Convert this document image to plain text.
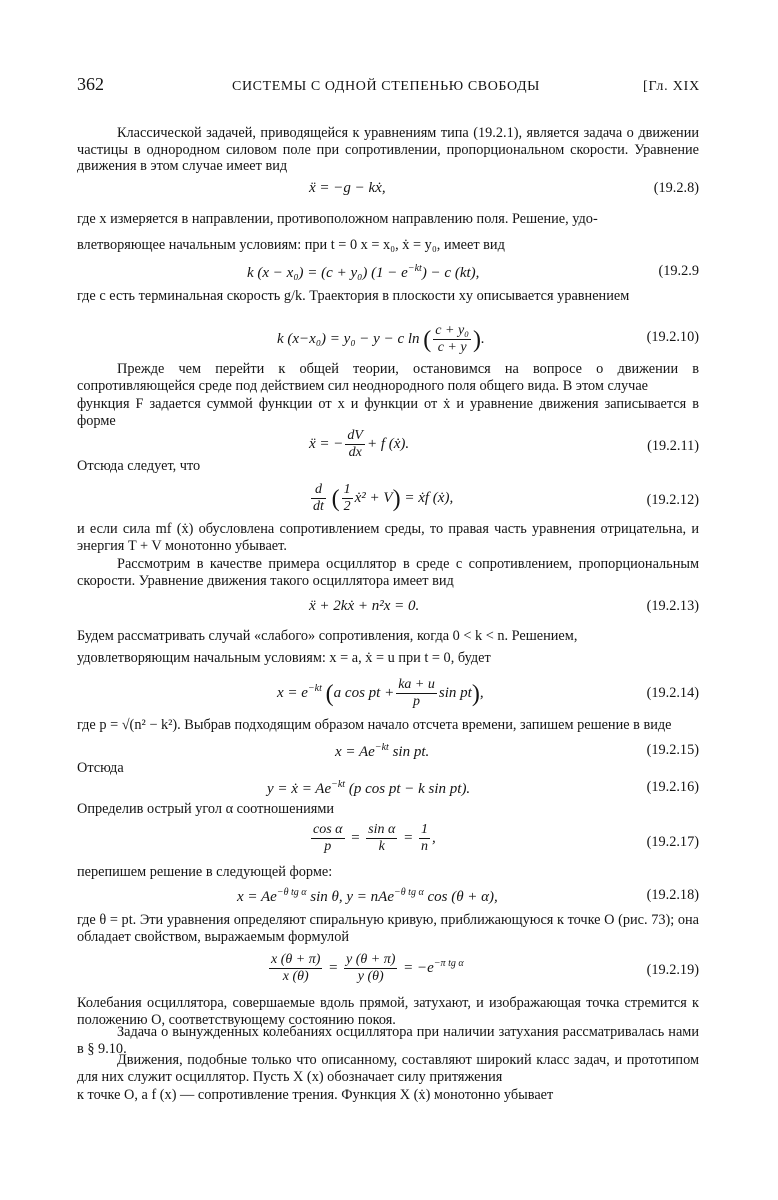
362	СИСТЕМЫ С ОДНОЙ СТЕПЕНЬЮ СВОБОДЫ	[Гл. XIX
Классической задачей, приводящейся к уравнениям типа (19.2.1), является задача о движении частицы в однородном силовом поле при сопротивлении, пропорциональном скорости. Уравнение движения в этом случае имеет вид
ẍ = −g − kẋ,	(19.2.8)
где x измеряется в направлении, противоположном направлению поля. Решение, удо-
влетворяющее начальным условиям: при t = 0 x = x₀, ẋ = y₀, имеет вид
k (x − x₀) = (c + y₀) $(1 - e^{-kt}) - c$ (kt),	(19.2.9
где c есть терминальная скорость g/k. Траектория в плоскости xy описывается уравнением
k (x−x₀) = y₀ − y − c ln ( $\frac{\text{c + y₀}}{c + y}$ ).	(19.2.10)
Прежде чем перейти к общей теории, остановимся на вопросе о движении в сопротивляющейся среде под действием сил неоднородного поля общего вида. В этом случае
функция F задается суммой функции от x и функции от ẋ и уравнение движения записывается в форме
ẍ = − $\frac{dV}{dx} + f$ (ẋ).	(19.2.11)
Отсюда следует, что
$\frac{d}{dt}$ ( $\frac{1}{2}$ ẋ² + V) = ẋf (ẋ),	(19.2.12)
и если сила mf (ẋ) обусловлена сопротивлением среды, то правая часть уравнения отрицательна, и энергия T + V монотонно убывает.
Рассмотрим в качестве примера осциллятор в среде с сопротивлением, пропорциональным скорости. Уравнение движения такого осциллятора имеет вид
ẍ + 2kẋ + n²x = 0.	(19.2.13)
Будем рассматривать случай «слабого» сопротивления, когда 0 < k < n. Решением,
удовлетворяющим начальным условиям: x = a, ẋ = u при t = 0, будет
$x = e^{-kt}$ (a cos pt + $\frac{ka + u}{p}$ sin pt),	(19.2.14)
где p = √(n² − k²). Выбрав подходящим образом начало отсчета времени, запишем решение в виде
$x = Ae^{-kt}$ sin pt.	(19.2.15)
Отсюда
y = ẋ = $Ae^{-kt}$ (p cos pt − k sin pt).	(19.2.16)
Определив острый угол α соотношениями
$\frac{\text{cos α}}{p} = \frac{\text{sin α}}{k} = \frac{1}{n}$ ,	(19.2.17)
перепишем решение в следующей форме:
$x = Ae^{-\theta tg \alpha}$ sin θ, y = nAe$^{-\theta tg \alpha}$ cos (θ + α),	(19.2.18)
где θ = pt. Эти уравнения определяют спиральную кривую, приближающуюся к точке O (рис. 73); она обладает свойством, выражаемым формулой
$\frac{x (\theta + \pi)}{x (\theta)} = \frac{y (\theta + \pi)}{y (\theta)} = -e^{-\pi tg \alpha}$	(19.2.19)
Колебания осциллятора, совершаемые вдоль прямой, затухают, и изображающая точка стремится к положению O, соответствующему состоянию покоя.
Задача о вынужденных колебаниях осциллятора при наличии затухания рассматривалась нами в § 9.10.
Движения, подобные только что описанному, составляют широкий класс задач, и прототипом для них служит осциллятор. Пусть X (x) обозначает силу притяжения
к точке O, а f (x) — сопротивление трения. Функция X (ẋ) монотонно убывает
